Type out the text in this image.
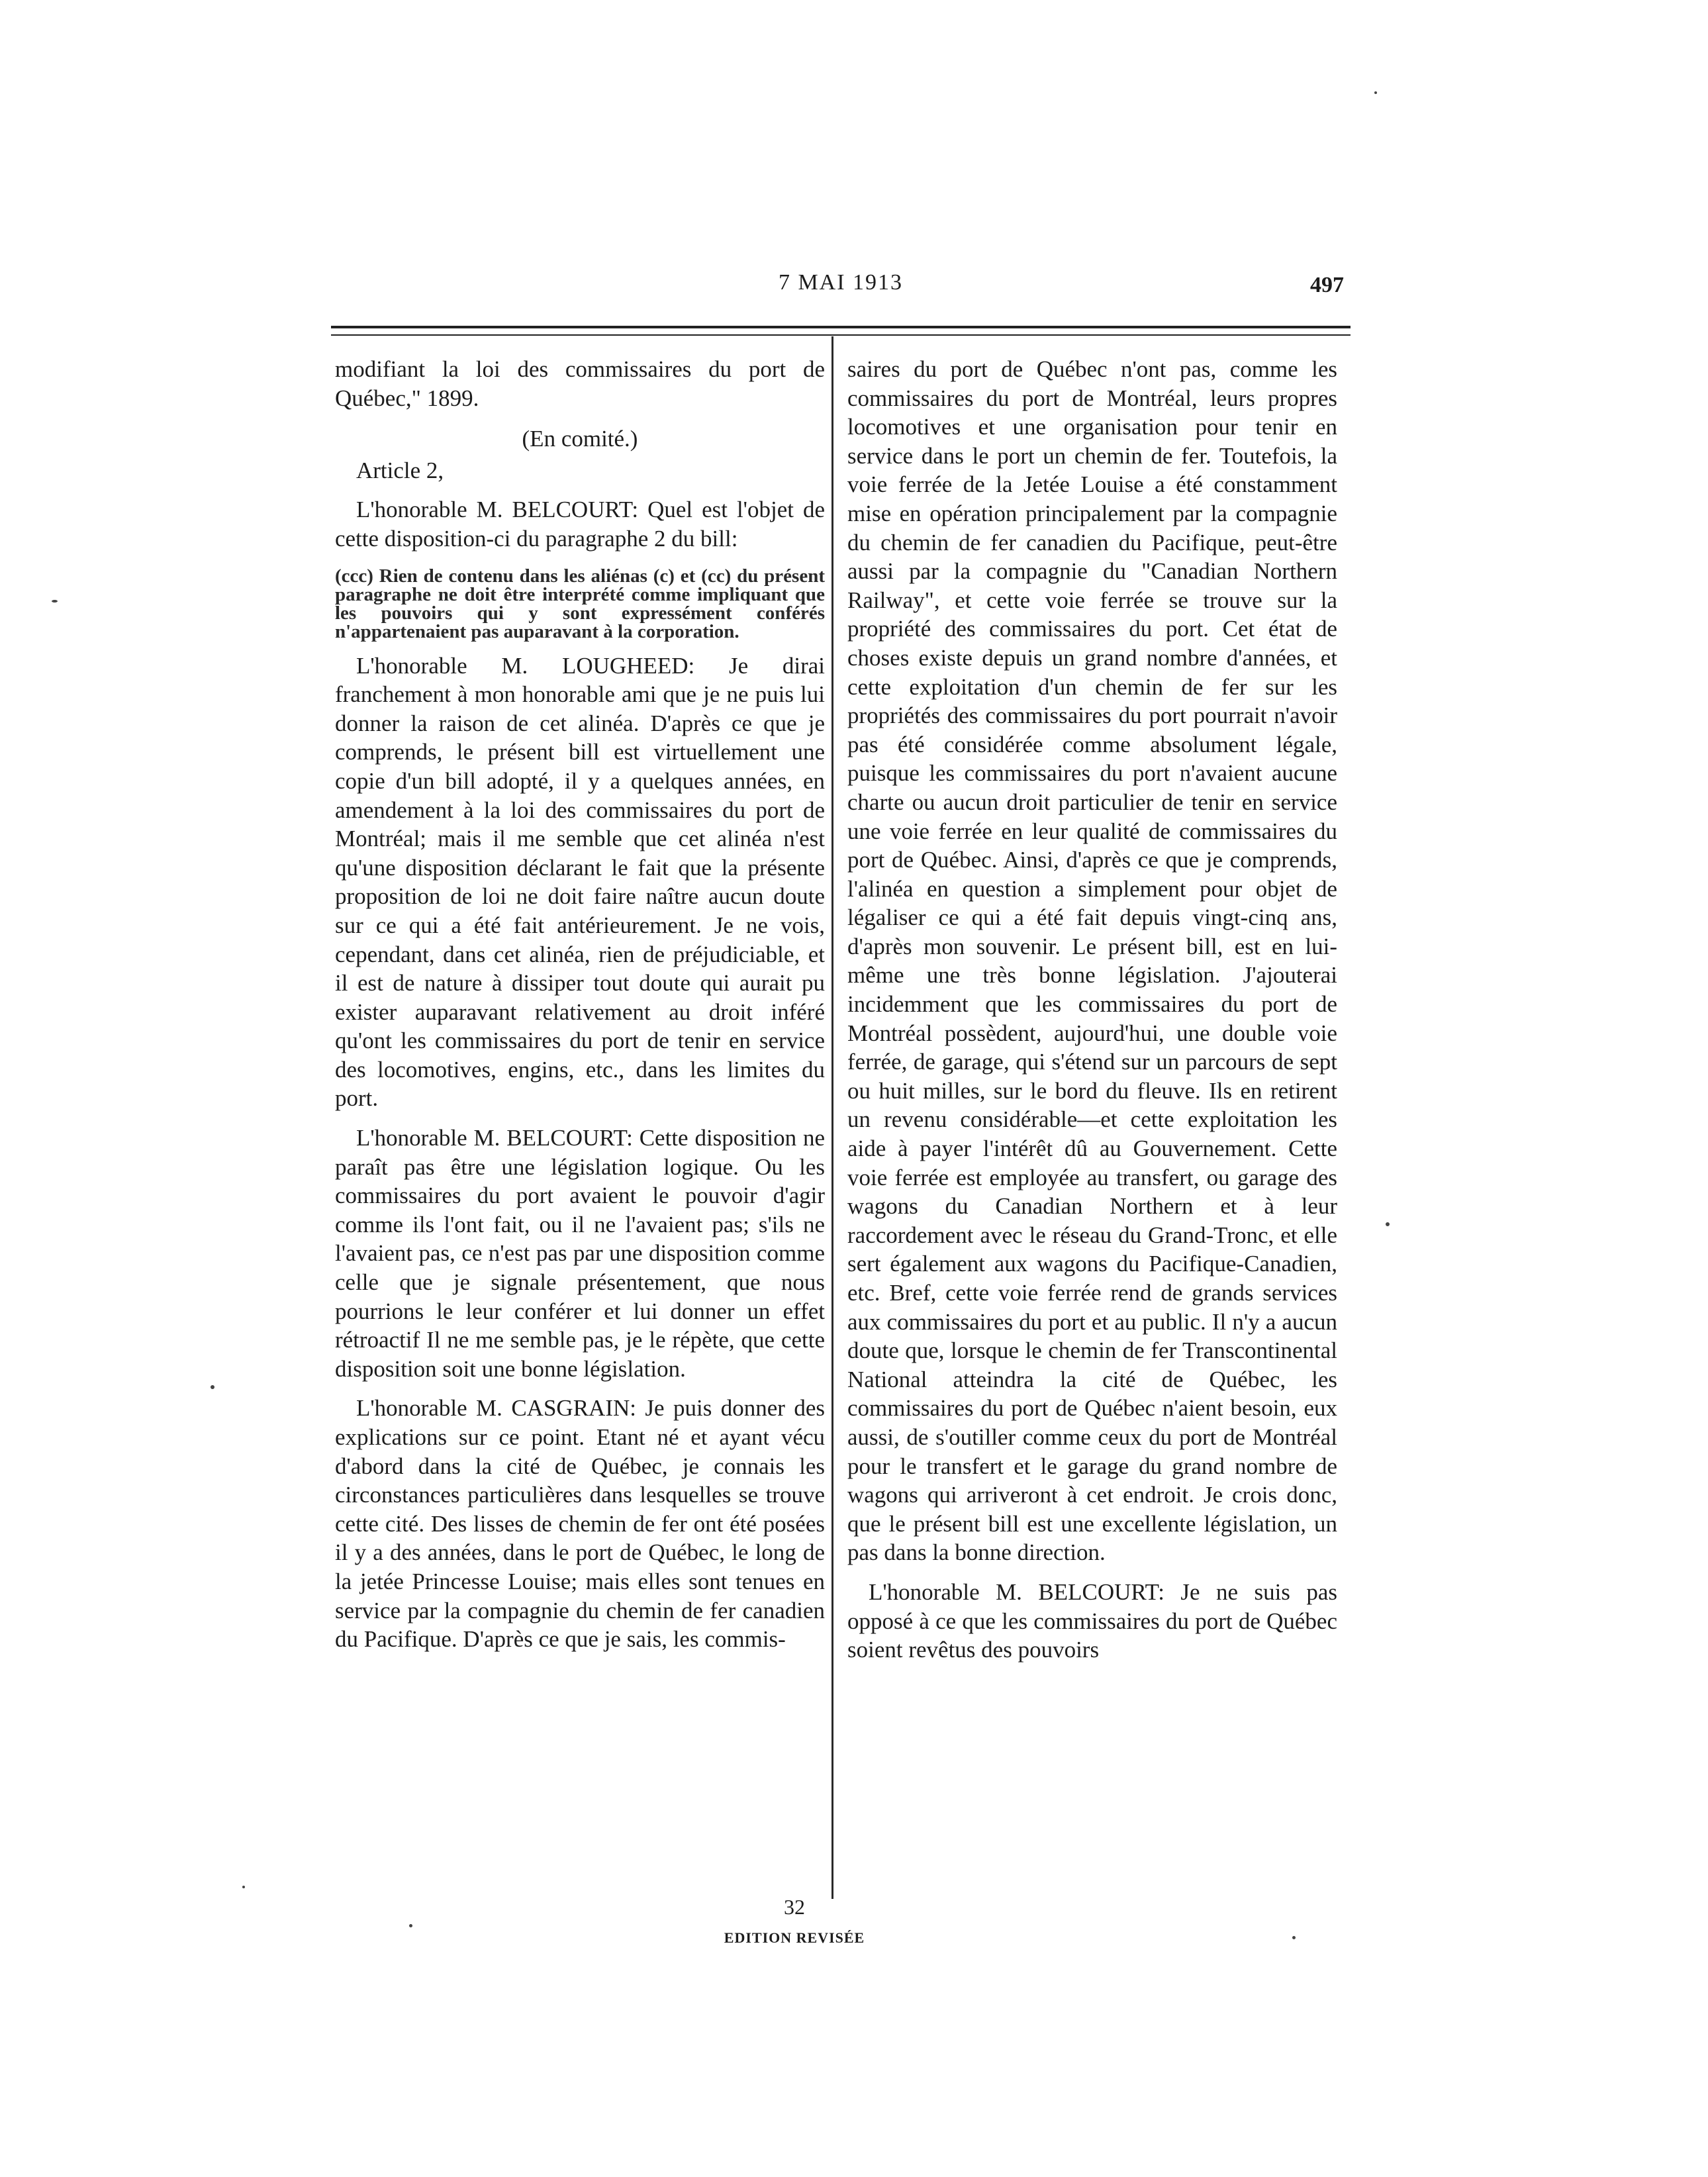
7 MAI 1913	497

modifiant la loi des commissaires du port de Québec," 1899.

(En comité.)

Article 2,

L'honorable M. BELCOURT: Quel est l'objet de cette disposition-ci du paragraphe 2 du bill:

(ccc) Rien de contenu dans les aliénas (c) et (cc) du présent paragraphe ne doit être interprété comme impliquant que les pouvoirs qui y sont expressément conférés n'appartenaient pas auparavant à la corporation.

L'honorable M. LOUGHEED: Je dirai franchement à mon honorable ami que je ne puis lui donner la raison de cet alinéa. D'après ce que je comprends, le présent bill est virtuellement une copie d'un bill adopté, il y a quelques années, en amendement à la loi des commissaires du port de Montréal; mais il me semble que cet alinéa n'est qu'une disposition déclarant le fait que la présente proposition de loi ne doit faire naître aucun doute sur ce qui a été fait antérieurement. Je ne vois, cependant, dans cet alinéa, rien de préjudiciable, et il est de nature à dissiper tout doute qui aurait pu exister auparavant relativement au droit inféré qu'ont les commissaires du port de tenir en service des locomotives, engins, etc., dans les limites du port.

L'honorable M. BELCOURT: Cette disposition ne paraît pas être une législation logique. Ou les commissaires du port avaient le pouvoir d'agir comme ils l'ont fait, ou il ne l'avaient pas; s'ils ne l'avaient pas, ce n'est pas par une disposition comme celle que je signale présentement, que nous pourrions le leur conférer et lui donner un effet rétroactif Il ne me semble pas, je le répète, que cette disposition soit une bonne législation.

L'honorable M. CASGRAIN: Je puis donner des explications sur ce point. Etant né et ayant vécu d'abord dans la cité de Québec, je connais les circonstances particulières dans lesquelles se trouve cette cité. Des lisses de chemin de fer ont été posées il y a des années, dans le port de Québec, le long de la jetée Princesse Louise; mais elles sont tenues en service par la compagnie du chemin de fer canadien du Pacifique. D'après ce que je sais, les commis-

saires du port de Québec n'ont pas, comme les commissaires du port de Montréal, leurs propres locomotives et une organisation pour tenir en service dans le port un chemin de fer. Toutefois, la voie ferrée de la Jetée Louise a été constamment mise en opération principalement par la compagnie du chemin de fer canadien du Pacifique, peut-être aussi par la compagnie du "Canadian Northern Railway", et cette voie ferrée se trouve sur la propriété des commissaires du port. Cet état de choses existe depuis un grand nombre d'années, et cette exploitation d'un chemin de fer sur les propriétés des commissaires du port pourrait n'avoir pas été considérée comme absolument légale, puisque les commissaires du port n'avaient aucune charte ou aucun droit particulier de tenir en service une voie ferrée en leur qualité de commissaires du port de Québec. Ainsi, d'après ce que je comprends, l'alinéa en question a simplement pour objet de légaliser ce qui a été fait depuis vingt-cinq ans, d'après mon souvenir. Le présent bill, est en lui-même une très bonne législation. J'ajouterai incidemment que les commissaires du port de Montréal possèdent, aujourd'hui, une double voie ferrée, de garage, qui s'étend sur un parcours de sept ou huit milles, sur le bord du fleuve. Ils en retirent un revenu considérable—et cette exploitation les aide à payer l'intérêt dû au Gouvernement. Cette voie ferrée est employée au transfert, ou garage des wagons du Canadian Northern et à leur raccordement avec le réseau du Grand-Tronc, et elle sert également aux wagons du Pacifique-Canadien, etc. Bref, cette voie ferrée rend de grands services aux commissaires du port et au public. Il n'y a aucun doute que, lorsque le chemin de fer Transcontinental National atteindra la cité de Québec, les commissaires du port de Québec n'aient besoin, eux aussi, de s'outiller comme ceux du port de Montréal pour le transfert et le garage du grand nombre de wagons qui arriveront à cet endroit. Je crois donc, que le présent bill est une excellente législation, un pas dans la bonne direction.

L'honorable M. BELCOURT: Je ne suis pas opposé à ce que les commissaires du port de Québec soient revêtus des pouvoirs

32
EDITION REVISÉE
